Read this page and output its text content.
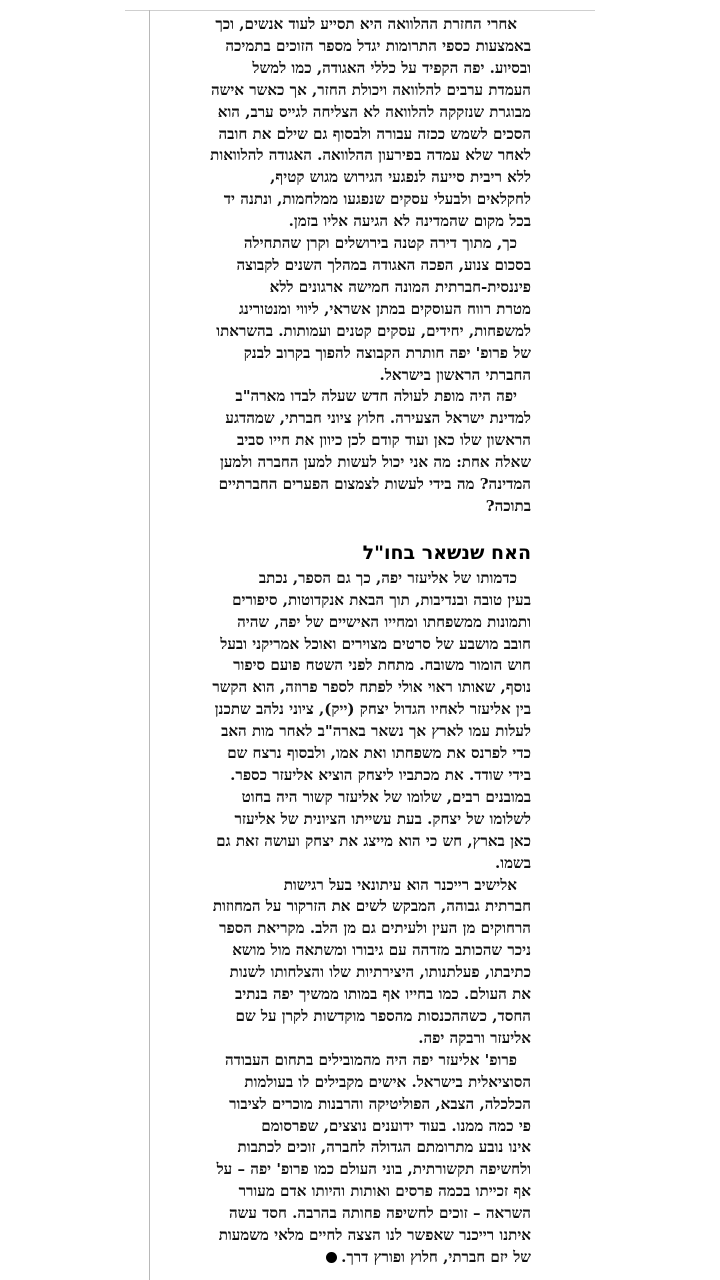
אחרי החזרת ההלוואה היא תסייע לעוד אנשים, וכך
באמצעות כספי התרומות יגדל מספר הזוכים בתמיכה
ובסיוע. יפה הקפיד על כללי האגודה, כמו למשל
העמדת ערבים להלוואה ויכולת החזר, אך כאשר אישה
מבוגרת שנזקקה להלוואה לא הצליחה לגייס ערב, הוא
הסכים לשמש ככזה עבורה ולבסוף גם שילם את חובה
לאחר שלא עמדה בפירעון ההלוואה. האגודה להלוואות
ללא ריבית סייעה לנפגעי הגירוש מגוש קטיף,
לחקלאים ולבעלי עסקים שנפגעו ממלחמות, ונתנה יד
בכל מקום שהמדינה לא הגיעה אליו בזמן.

כך, מתוך דירה קטנה בירושלים וקרן שהתחילה
בסכום צנוע, הפכה האגודה במהלך השנים לקבוצה
פיננסית-חברתית המונה חמישה ארגונים ללא
מטרת רווח העוסקים במתן אשראי, ליווי ומנטורינג
למשפחות, יחידים, עסקים קטנים ועמותות. בהשראתו
של פרופ' יפה חותרת הקבוצה להפוך בקרוב לבנק
החברתי הראשון בישראל.

יפה היה מופת לעולה חדש שעלה לבדו מארה"ב
למדינת ישראל הצעירה. חלוץ ציוני חברתי, שמהדגע
הראשון שלו כאן ועוד קודם לכן כיוון את חייו סביב
שאלה אחת: מה אני יכול לעשות למען החברה ולמען
המדינה? מה בידי לעשות לצמצום הפערים החברתיים
בתוכה?

האח שנשאר בחו"ל

כדמותו של אליעזר יפה, כך גם הספר, נכתב
בעין טובה ובנדיבות, תוך הבאת אנקדוטות, סיפורים
ותמונות ממשפחתו ומחייו האישיים של יפה, שהיה
חובב מושבע של סרטים מצוירים ואוכל אמריקני ובעל
חוש הומור משובח. מתחת לפני השטח פועם סיפור
נוסף, שאותו ראוי אולי לפתח לספר פרוזה, הוא הקשר
בין אליעזר לאחיו הגדול יצחק (ייק), ציוני נלהב שתכנן
לעלות עמו לארץ אך נשאר בארה"ב לאחר מות האב
כדי לפרנס את משפחתו ואת אמו, ולבסוף נרצח שם
בידי שודד. את מכתביו ליצחק הוציא אליעזר כספר.
במובנים רבים, שלומו של אליעזר קשור היה בחוט
לשלומו של יצחק. בעת עשייתו הציונית של אליעזר
כאן בארץ, חש כי הוא מייצג את יצחק ועושה זאת גם
בשמו.

אלישיב רייכנר הוא עיתונאי בעל רגישות
חברתית גבוהה, המבקש לשים את הזרקור על המחוזות
הרחוקים מן העין ולעיתים גם מן הלב. מקריאת הספר
ניכר שהכותב מזדהה עם גיבורו ומשתאה מול מושא
כתיבתו, פעלתנותו, היצירתיות שלו והצלחותו לשנות
את העולם. כמו בחייו אף במותו ממשיך יפה בנתיב
החסד, כשההכנסות מהספר מוקדשות לקרן על שם
אליעזר ורבקה יפה.

פרופ' אליעזר יפה היה מהמובילים בתחום העבודה
הסוציאלית בישראל. אישים מקבילים לו בעולמות
הכלכלה, הצבא, הפוליטיקה והרבנות מוכרים לציבור
פי כמה ממנו. בעוד ידוענים נוצצים, שפרסומם
אינו נובע מתרומתם הגדולה לחברה, זוכים לכתבות
ולחשיפה תקשורתית, בוני העולם כמו פרופ' יפה – על
אף זכייתו בכמה פרסים ואותות והיותו אדם מעורר
השראה – זוכים לחשיפה פחותה בהרבה. חסד עשה
איתנו רייכנר שאפשר לנו הצצה לחיים מלאי משמעות
של יזם חברתי, חלוץ ופורץ דרך.
